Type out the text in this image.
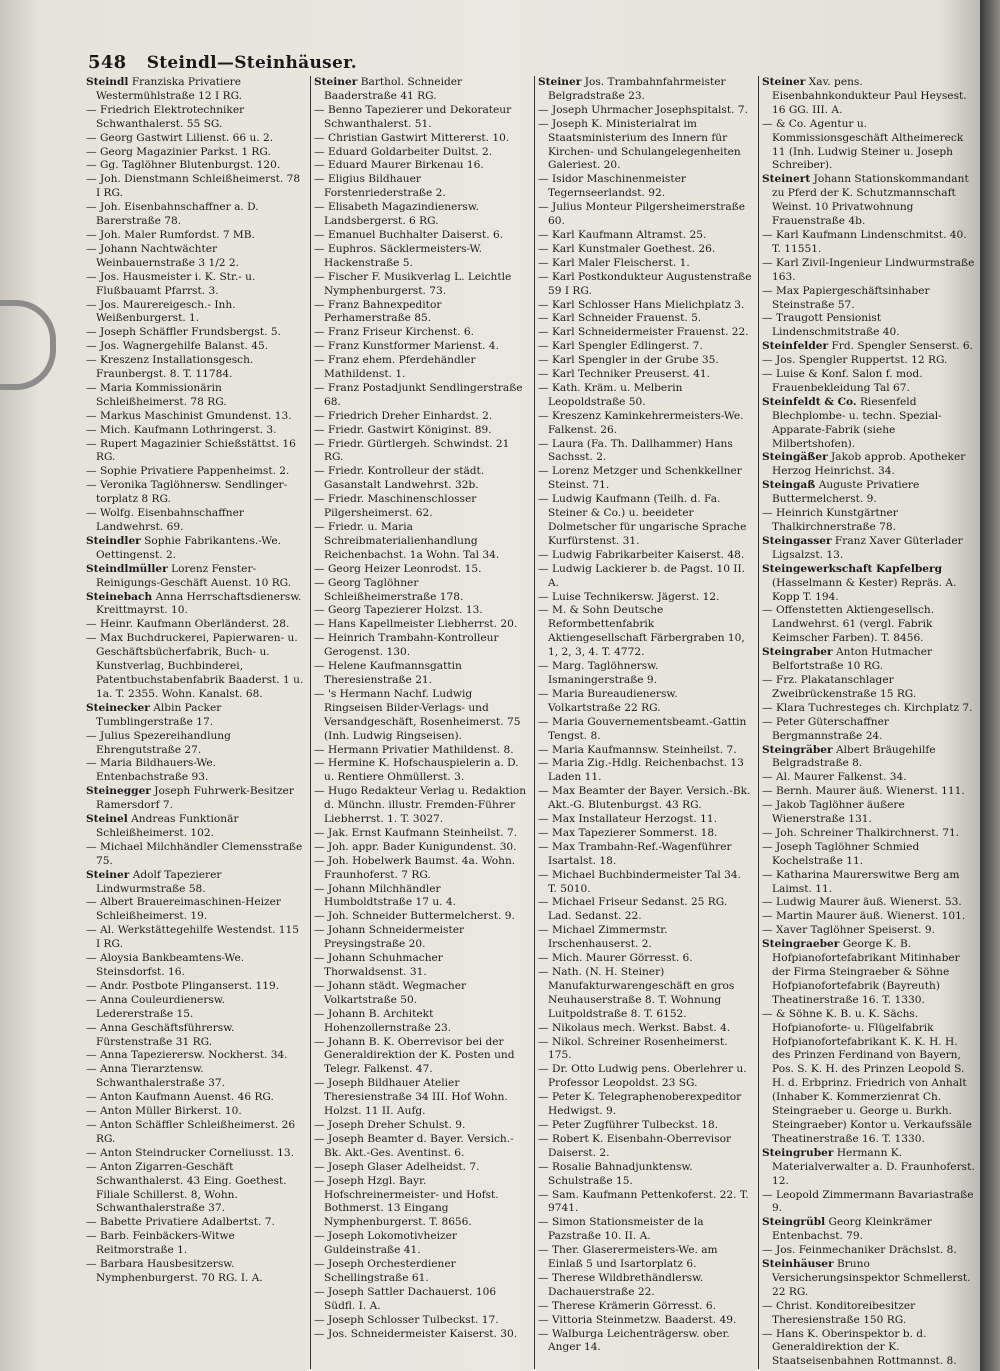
548 Steindl—Steinhäuser.

Steindl Franziska Privatiere Westermühlstraße 12 I RG.

— Friedrich Elektrotechniker Schwanthalerst. 55 SG.

— Georg Gastwirt Lilienst. 66 u. 2.

— Georg Magazinier Parkst. 1 RG.

— Gg. Taglöhner Blutenburgst. 120.

— Joh. Dienstmann Schleißheimerst. 78 I RG.

— Joh. Eisenbahnschaffner a. D. Barerstraße 78.

— Joh. Maler Rumfordst. 7 MB.

— Johann Nachtwächter Weinbauernstraße 3 1/2 2.

— Jos. Hausmeister i. K. Str.- u. Flußbauamt Pfarrst. 3.

— Jos. Maurereigesch.- Inh. Weißenburgerst. 1.

— Joseph Schäffler Frundsbergst. 5.

— Jos. Wagnergehilfe Balanst. 45.

— Kreszenz Installationsgesch. Fraunbergst. 8. T. 11784.

— Maria Kommissionärin Schleißheimerst. 78 RG.

— Markus Maschinist Gmundenst. 13.

— Mich. Kaufmann Lothringerst. 3.

— Rupert Magazinier Schießstättst. 16 RG.

— Sophie Privatiere Pappenheimst. 2.

— Veronika Taglöhnersw. Sendlinger-torplatz 8 RG.

— Wolfg. Eisenbahnschaffner Landwehrst. 69.

Steindler Sophie Fabrikantens.-We. Oettingenst. 2.

Steindlmüller Lorenz Fenster-Reinigungs-Geschäft Auenst. 10 RG.

Steinebach Anna Herrschaftsdienersw. Kreittmayrst. 10.

— Heinr. Kaufmann Oberländerst. 28.

— Max Buchdruckerei, Papierwaren- u. Geschäftsbücherfabrik, Buch- u. Kunstverlag, Buchbinderei, Patentbuchstabenfabrik Baaderst. 1 u. 1a. T. 2355. Wohn. Kanalst. 68.

Steinecker Albin Packer Tumblingerstraße 17.

— Julius Spezereihandlung Ehrengutstraße 27.

— Maria Bildhauers-We. Entenbachstraße 93.

Steinegger Joseph Fuhrwerk-Besitzer Ramersdorf 7.

Steinel Andreas Funktionär Schleißheimerst. 102.

— Michael Milchhändler Clemensstraße 75.

Steiner Adolf Tapezierer Lindwurmstraße 58.

— Albert Brauereimaschinen-Heizer Schleißheimerst. 19.

— Al. Werkstättegehilfe Westendst. 115 I RG.

— Aloysia Bankbeamtens-We. Steinsdorfst. 16.

— Andr. Postbote Plinganserst. 119.

— Anna Couleurdienersw. Ledererstraße 15.

— Anna Geschäftsführersw. Fürstenstraße 31 RG.

— Anna Tapezierersw. Nockherst. 34.

— Anna Tierarztensw. Schwanthalerstraße 37.

— Anton Kaufmann Auenst. 46 RG.

— Anton Müller Birkerst. 10.

— Anton Schäffler Schleißheimerst. 26 RG.

— Anton Steindrucker Corneliusst. 13.

— Anton Zigarren-Geschäft Schwanthalerst. 43 Eing. Goethest. Filiale Schillerst. 8, Wohn. Schwanthalerstraße 37.

— Babette Privatiere Adalbertst. 7.

— Barb. Feinbäckers-Witwe Reitmorstraße 1.

— Barbara Hausbesitzersw. Nymphenburgerst. 70 RG. I. A.

Steiner Barthol. Schneider Baaderstraße 41 RG.

— Benno Tapezierer und Dekorateur Schwanthalerst. 51.

— Christian Gastwirt Mittererst. 10.

— Eduard Goldarbeiter Dultst. 2.

— Eduard Maurer Birkenau 16.

— Eligius Bildhauer Forstenriederstraße 2.

— Elisabeth Magazindienersw. Landsbergerst. 6 RG.

— Emanuel Buchhalter Daiserst. 6.

— Euphros. Säcklermeisters-W. Hackenstraße 5.

— Fischer F. Musikverlag L. Leichtle Nymphenburgerst. 73.

— Franz Bahnexpeditor Perhamerstraße 85.

— Franz Friseur Kirchenst. 6.

— Franz Kunstformer Marienst. 4.

— Franz ehem. Pferdehändler Mathildenst. 1.

— Franz Postadjunkt Sendlingerstraße 68.

— Friedrich Dreher Einhardst. 2.

— Friedr. Gastwirt Königinst. 89.

— Friedr. Gürtlergeh. Schwindst. 21 RG.

— Friedr. Kontrolleur der städt. Gasanstalt Landwehrst. 32b.

— Friedr. Maschinenschlosser Pilgersheimerst. 62.

— Friedr. u. Maria Schreibmaterialienhandlung Reichenbachst. 1a Wohn. Tal 34.

— Georg Heizer Leonrodst. 15.

— Georg Taglöhner Schleißheimerstraße 178.

— Georg Tapezierer Holzst. 13.

— Hans Kapellmeister Liebherrst. 20.

— Heinrich Trambahn-Kontrolleur Gerogenst. 130.

— Helene Kaufmannsgattin Theresienstraße 21.

— 's Hermann Nachf. Ludwig Ringseisen Bilder-Verlags- und Versandgeschäft, Rosenheimerst. 75 (Inh. Ludwig Ringseisen).

— Hermann Privatier Mathildenst. 8.

— Hermine K. Hofschauspielerin a. D. u. Rentiere Ohmüllerst. 3.

— Hugo Redakteur Verlag u. Redaktion d. Münchn. illustr. Fremden-Führer Liebherrst. 1. T. 3027.

— Jak. Ernst Kaufmann Steinheilst. 7.

— Joh. appr. Bader Kunigundenst. 30.

— Joh. Hobelwerk Baumst. 4a. Wohn. Fraunhoferst. 7 RG.

— Johann Milchhändler Humboldtstraße 17 u. 4.

— Joh. Schneider Buttermelcherst. 9.

— Johann Schneidermeister Preysingstraße 20.

— Johann Schuhmacher Thorwaldsenst. 31.

— Johann städt. Wegmacher Volkartstraße 50.

— Johann B. Architekt Hohenzollernstraße 23.

— Johann B. K. Oberrevisor bei der Generaldirektion der K. Posten und Telegr. Falkenst. 47.

— Joseph Bildhauer Atelier Theresienstraße 34 III. Hof Wohn. Holzst. 11 II. Aufg.

— Joseph Dreher Schulst. 9.

— Joseph Beamter d. Bayer. Versich.-Bk. Akt.-Ges. Aventinst. 6.

— Joseph Glaser Adelheidst. 7.

— Joseph Hzgl. Bayr. Hofschreinermeister- und Hofst. Bothmerst. 13 Eingang Nymphenburgerst. T. 8656.

— Joseph Lokomotivheizer Guldeinstraße 41.

— Joseph Orchesterdiener Schellingstraße 61.

— Joseph Sattler Dachauerst. 106 Südfl. I. A.

— Joseph Schlosser Tulbeckst. 17.

— Jos. Schneidermeister Kaiserst. 30.

Steiner Jos. Trambahnfahrmeister Belgradstraße 23.

— Joseph Uhrmacher Josephspitalst. 7.

— Joseph K. Ministerialrat im Staatsministerium des Innern für Kirchen- und Schulangelegenheiten Galeriest. 20.

— Isidor Maschinenmeister Tegernseerlandst. 92.

— Julius Monteur Pilgersheimerstraße 60.

— Karl Kaufmann Altramst. 25.

— Karl Kunstmaler Goethest. 26.

— Karl Maler Fleischerst. 1.

— Karl Postkondukteur Augustenstraße 59 I RG.

— Karl Schlosser Hans Mielichplatz 3.

— Karl Schneider Frauenst. 5.

— Karl Schneidermeister Frauenst. 22.

— Karl Spengler Edlingerst. 7.

— Karl Spengler in der Grube 35.

— Karl Techniker Preuserst. 41.

— Kath. Kräm. u. Melberin Leopoldstraße 50.

— Kreszenz Kaminkehrermeisters-We. Falkenst. 26.

— Laura (Fa. Th. Dallhammer) Hans Sachsst. 2.

— Lorenz Metzger und Schenkkellner Steinst. 71.

— Ludwig Kaufmann (Teilh. d. Fa. Steiner & Co.) u. beeideter Dolmetscher für ungarische Sprache Kurfürstenst. 31.

— Ludwig Fabrikarbeiter Kaiserst. 48.

— Ludwig Lackierer b. de Pagst. 10 II. A.

— Luise Technikersw. Jägerst. 12.

— M. & Sohn Deutsche Reformbettenfabrik Aktiengesellschaft Färbergraben 10, 1, 2, 3, 4. T. 4772.

— Marg. Taglöhnersw. Ismaningerstraße 9.

— Maria Bureaudienersw. Volkartstraße 22 RG.

— Maria Gouvernementsbeamt.-Gattin Tengst. 8.

— Maria Kaufmannsw. Steinheilst. 7.

— Maria Zig.-Hdlg. Reichenbachst. 13 Laden 11.

— Max Beamter der Bayer. Versich.-Bk. Akt.-G. Blutenburgst. 43 RG.

— Max Installateur Herzogst. 11.

— Max Tapezierer Sommerst. 18.

— Max Trambahn-Ref.-Wagenführer Isartalst. 18.

— Michael Buchbindermeister Tal 34. T. 5010.

— Michael Friseur Sedanst. 25 RG. Lad. Sedanst. 22.

— Michael Zimmermstr. Irschenhauserst. 2.

— Mich. Maurer Görresst. 6.

— Nath. (N. H. Steiner) Manufakturwarengeschäft en gros Neuhauserstraße 8. T. Wohnung Luitpoldstraße 8. T. 6152.

— Nikolaus mech. Werkst. Babst. 4.

— Nikol. Schreiner Rosenheimerst. 175.

— Dr. Otto Ludwig pens. Oberlehrer u. Professor Leopoldst. 23 SG.

— Peter K. Telegraphenoberexpeditor Hedwigst. 9.

— Peter Zugführer Tulbeckst. 18.

— Robert K. Eisenbahn-Oberrevisor Daiserst. 2.

— Rosalie Bahnadjunktensw. Schulstraße 15.

— Sam. Kaufmann Pettenkoferst. 22. T. 9741.

— Simon Stationsmeister de la Pazstraße 10. II. A.

— Ther. Glaserermeisters-We. am Einlaß 5 und Isartorplatz 6.

— Therese Wildbrethändlersw. Dachauerstraße 22.

— Therese Krämerin Görresst. 6.

— Vittoria Steinmetzw. Baaderst. 49.

— Walburga Leichenträgersw. ober. Anger 14.

Steiner Xav. pens. Eisenbahnkondukteur Paul Heysest. 16 GG. III. A.

— & Co. Agentur u. Kommissionsgeschäft Altheimereck 11 (Inh. Ludwig Steiner u. Joseph Schreiber).

Steinert Johann Stationskommandant zu Pferd der K. Schutzmannschaft Weinst. 10 Privatwohnung Frauenstraße 4b.

— Karl Kaufmann Lindenschmitst. 40. T. 11551.

— Karl Zivil-Ingenieur Lindwurmstraße 163.

— Max Papiergeschäftsinhaber Steinstraße 57.

— Traugott Pensionist Lindenschmitstraße 40.

Steinfelder Frd. Spengler Senserst. 6.

— Jos. Spengler Ruppertst. 12 RG.

— Luise & Konf. Salon f. mod. Frauenbekleidung Tal 67.

Steinfeldt & Co. Riesenfeld Blechplombe- u. techn. Spezial-Apparate-Fabrik (siehe Milbertshofen).

Steingäßer Jakob approb. Apotheker Herzog Heinrichst. 34.

Steingaß Auguste Privatiere Buttermelcherst. 9.

— Heinrich Kunstgärtner Thalkirchnerstraße 78.

Steingasser Franz Xaver Güterlader Ligsalzst. 13.

Steingewerkschaft Kapfelberg (Hasselmann & Kester) Repräs. A. Kopp T. 194.

— Offenstetten Aktiengesellsch. Landwehrst. 61 (vergl. Fabrik Keimscher Farben). T. 8456.

Steingraber Anton Hutmacher Belfortstraße 10 RG.

— Frz. Plakatanschlager Zweibrückenstraße 15 RG.

— Klara Tuchresteges ch. Kirchplatz 7.

— Peter Güterschaffner Bergmannstraße 24.

Steingräber Albert Bräugehilfe Belgradstraße 8.

— Al. Maurer Falkenst. 34.

— Bernh. Maurer äuß. Wienerst. 111.

— Jakob Taglöhner äußere Wienerstraße 131.

— Joh. Schreiner Thalkirchnerst. 71.

— Joseph Taglöhner Schmied Kochelstraße 11.

— Katharina Maurerswitwe Berg am Laimst. 11.

— Ludwig Maurer äuß. Wienerst. 53.

— Martin Maurer äuß. Wienerst. 101.

— Xaver Taglöhner Speiserst. 9.

Steingraeber George K. B. Hofpianofortefabrikant Mitinhaber der Firma Steingraeber & Söhne Hofpianofortefabrik (Bayreuth) Theatinerstraße 16. T. 1330.

— & Söhne K. B. u. K. Sächs. Hofpianoforte- u. Flügelfabrik Hofpianofortefabrikant K. K. H. H. des Prinzen Ferdinand von Bayern, Pos. S. K. H. des Prinzen Leopold S. H. d. Erbprinz. Friedrich von Anhalt (Inhaber K. Kommerzienrat Ch. Steingraeber u. George u. Burkh. Steingraeber) Kontor u. Verkaufssäle Theatinerstraße 16. T. 1330.

Steingruber Hermann K. Materialverwalter a. D. Fraunhoferst. 12.

— Leopold Zimmermann Bavariastraße 9.

Steingrübl Georg Kleinkrämer Entenbachst. 79.

— Jos. Feinmechaniker Drächslst. 8.

Steinhäuser Bruno Versicherungsinspektor Schmellerst. 22 RG.

— Christ. Konditoreibesitzer Theresienstraße 150 RG.

— Hans K. Oberinspektor b. d. Generaldirektion der K. Staatseisenbahnen Rottmannst. 8.
